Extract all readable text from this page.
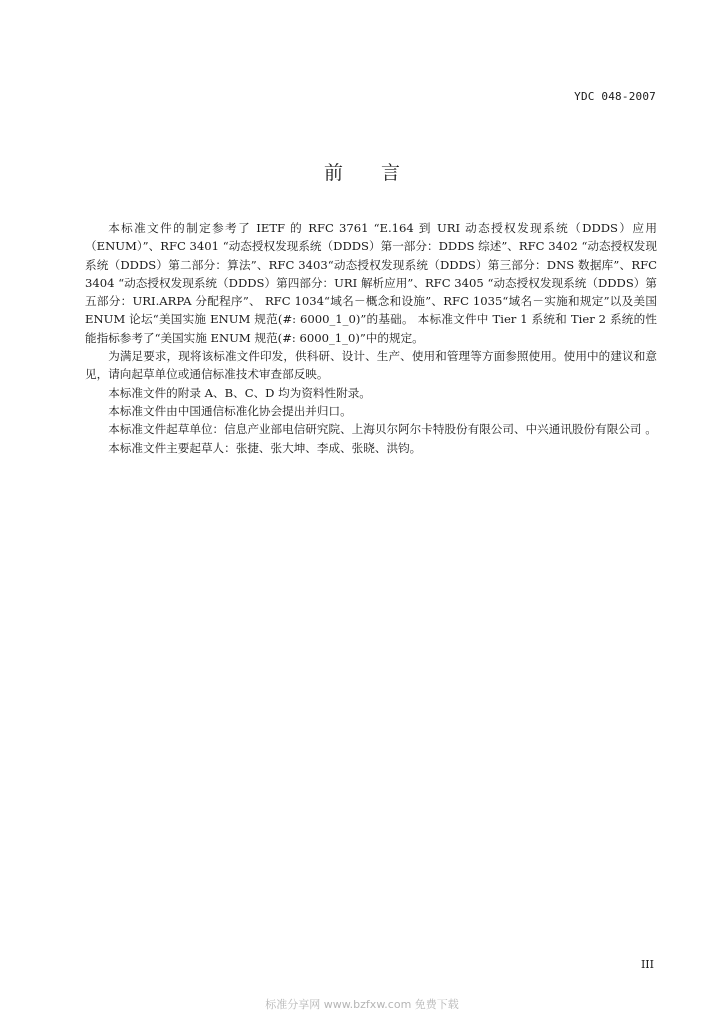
YDC 048-2007
前言

本标准文件的制定参考了 IETF 的 RFC 3761 “E.164 到 URI 动态授权发现系统（DDDS）应用（ENUM）”、RFC 3401 “动态授权发现系统（DDDS）第一部分：DDDS 综述”、RFC 3402 “动态授权发现系统（DDDS）第二部分：算法”、RFC 3403“动态授权发现系统（DDDS）第三部分：DNS 数据库”、RFC 3404 “动态授权发现系统（DDDS）第四部分：URI 解析应用”、RFC 3405 “动态授权发现系统（DDDS）第五部分：URI.ARPA 分配程序”、 RFC 1034“域名－概念和设施”、RFC 1035“域名－实施和规定”以及美国 ENUM 论坛“美国实施 ENUM 规范(#: 6000_1_0)”的基础。 本标准文件中 Tier 1 系统和 Tier 2 系统的性能指标参考了“美国实施 ENUM 规范(#: 6000_1_0)”中的规定。

为满足要求，现将该标准文件印发，供科研、设计、生产、使用和管理等方面参照使用。使用中的建议和意见，请向起草单位或通信标准技术审查部反映。

本标准文件的附录 A、B、C、D 均为资料性附录。

本标准文件由中国通信标准化协会提出并归口。

本标准文件起草单位：信息产业部电信研究院、上海贝尔阿尔卡特股份有限公司、中兴通讯股份有限公司 。

本标准文件主要起草人：张捷、张大坤、李成、张晓、洪钧。

III
标准分享网 www.bzfxw.com 免费下载
